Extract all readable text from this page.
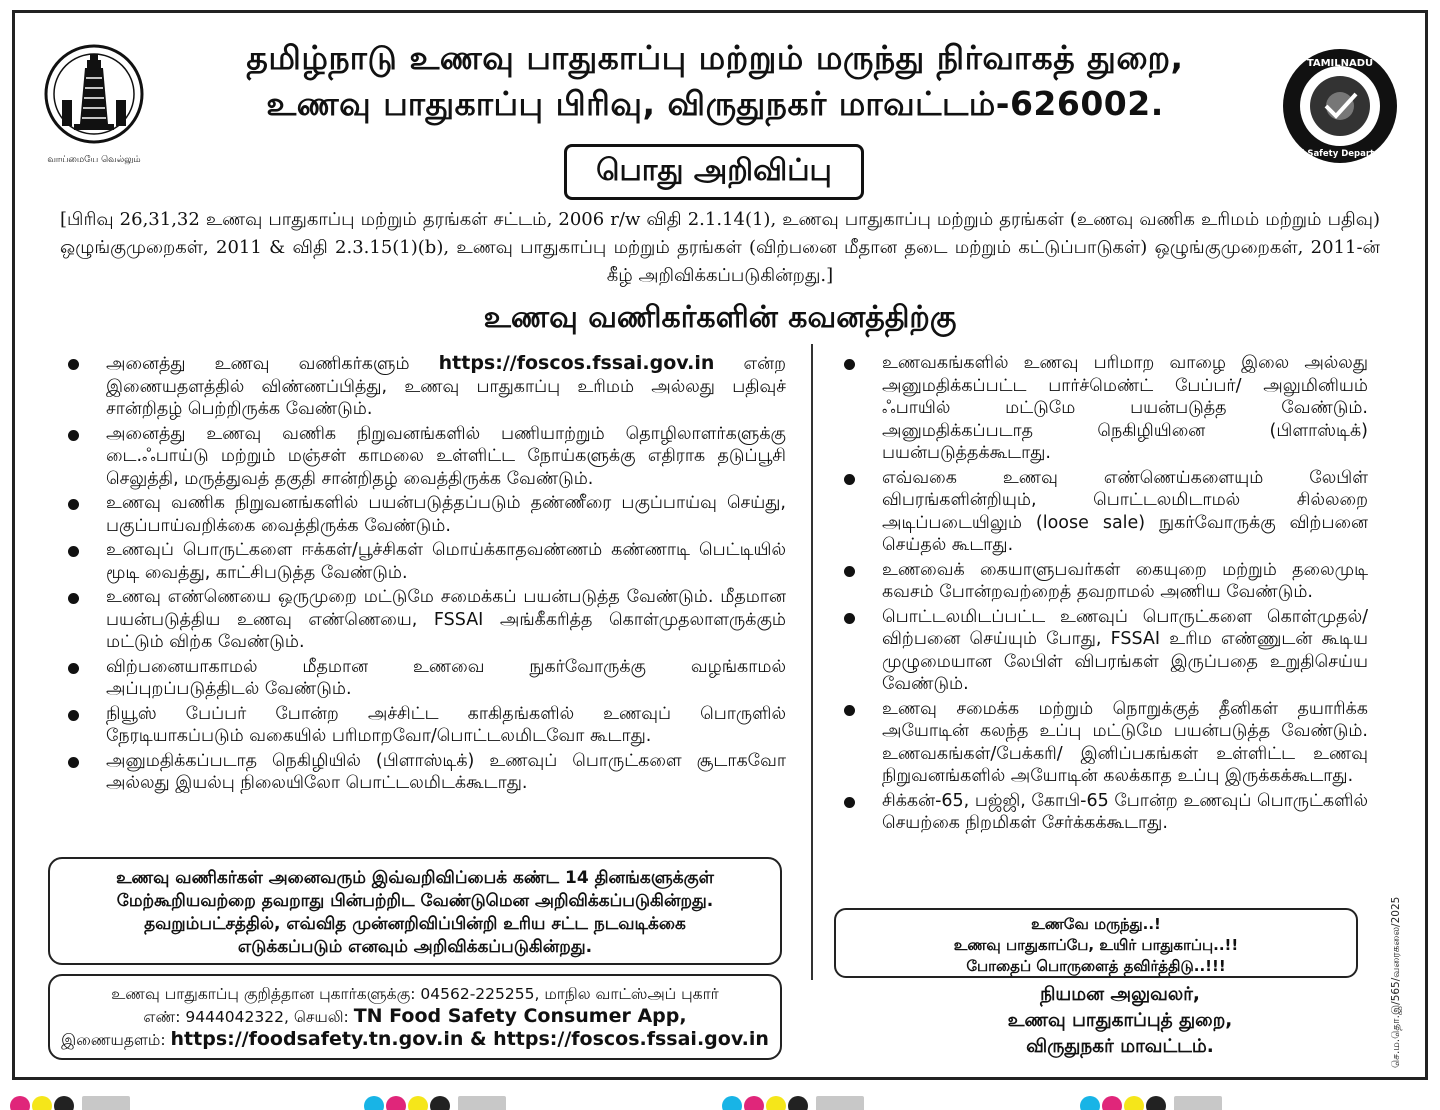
வாய்மையே வெல்லும்
TAMILNADU
Food Safety Department
தமிழ்நாடு உணவு பாதுகாப்பு மற்றும் மருந்து நிர்வாகத் துறை,
உணவு பாதுகாப்பு பிரிவு, விருதுநகர் மாவட்டம்-626002.
பொது அறிவிப்பு
[பிரிவு 26,31,32 உணவு பாதுகாப்பு மற்றும் தரங்கள் சட்டம், 2006 r/w விதி 2.1.14(1), உணவு பாதுகாப்பு மற்றும் தரங்கள் (உணவு வணிக உரிமம் மற்றும் பதிவு) ஒழுங்குமுறைகள், 2011 & விதி 2.3.15(1)(b), உணவு பாதுகாப்பு மற்றும் தரங்கள் (விற்பனை மீதான தடை மற்றும் கட்டுப்பாடுகள்) ஒழுங்குமுறைகள், 2011-ன் கீழ் அறிவிக்கப்படுகின்றது.]
உணவு வணிகர்களின் கவனத்திற்கு
அனைத்து உணவு வணிகர்களும் https://foscos.fssai.gov.in என்ற இணையதளத்தில் விண்ணப்பித்து, உணவு பாதுகாப்பு உரிமம் அல்லது பதிவுச் சான்றிதழ் பெற்றிருக்க வேண்டும்.
அனைத்து உணவு வணிக நிறுவனங்களில் பணியாற்றும் தொழிலாளர்களுக்கு டை.ஃபாய்டு மற்றும் மஞ்சள் காமலை உள்ளிட்ட நோய்களுக்கு எதிராக தடுப்பூசி செலுத்தி, மருத்துவத் தகுதி சான்றிதழ் வைத்திருக்க வேண்டும்.
உணவு வணிக நிறுவனங்களில் பயன்படுத்தப்படும் தண்ணீரை பகுப்பாய்வு செய்து, பகுப்பாய்வறிக்கை வைத்திருக்க வேண்டும்.
உணவுப் பொருட்களை ஈக்கள்/பூச்சிகள் மொய்க்காதவண்ணம் கண்ணாடி பெட்டியில் மூடி வைத்து, காட்சிபடுத்த வேண்டும்.
உணவு எண்ணெயை ஒருமுறை மட்டுமே சமைக்கப் பயன்படுத்த வேண்டும். மீதமான பயன்படுத்திய உணவு எண்ணெயை, FSSAI அங்கீகரித்த கொள்முதலாளருக்கும் மட்டும் விற்க வேண்டும்.
விற்பனையாகாமல் மீதமான உணவை நுகர்வோருக்கு வழங்காமல் அப்புறப்படுத்திடல் வேண்டும்.
நியூஸ் பேப்பர் போன்ற அச்சிட்ட காகிதங்களில் உணவுப் பொருளில் நேரடியாகப்படும் வகையில் பரிமாறவோ/பொட்டலமிடவோ கூடாது.
அனுமதிக்கப்படாத நெகிழியில் (பிளாஸ்டிக்) உணவுப் பொருட்களை சூடாகவோ அல்லது இயல்பு நிலையிலோ பொட்டலமிடக்கூடாது.
உணவகங்களில் உணவு பரிமாற வாழை இலை அல்லது அனுமதிக்கப்பட்ட பார்ச்மெண்ட் பேப்பர்/ அலுமினியம் ஃபாயில் மட்டுமே பயன்படுத்த வேண்டும். அனுமதிக்கப்படாத நெகிழியினை (பிளாஸ்டிக்) பயன்படுத்தக்கூடாது.
எவ்வகை உணவு எண்ணெய்களையும் லேபிள் விபரங்களின்றியும், பொட்டலமிடாமல் சில்லறை அடிப்படையிலும் (loose sale) நுகர்வோருக்கு விற்பனை செய்தல் கூடாது.
உணவைக் கையாளுபவர்கள் கையுறை மற்றும் தலைமுடி கவசம் போன்றவற்றைத் தவறாமல் அணிய வேண்டும்.
பொட்டலமிடப்பட்ட உணவுப் பொருட்களை கொள்முதல்/விற்பனை செய்யும் போது, FSSAI உரிம எண்ணுடன் கூடிய முழுமையான லேபிள் விபரங்கள் இருப்பதை உறுதிசெய்ய வேண்டும்.
உணவு சமைக்க மற்றும் நொறுக்குத் தீனிகள் தயாரிக்க அயோடின் கலந்த உப்பு மட்டுமே பயன்படுத்த வேண்டும். உணவகங்கள்/பேக்கரி/ இனிப்பகங்கள் உள்ளிட்ட உணவு நிறுவனங்களில் அயோடின் கலக்காத உப்பு இருக்கக்கூடாது.
சிக்கன்-65, பஜ்ஜி, கோபி-65 போன்ற உணவுப் பொருட்களில் செயற்கை நிறமிகள் சேர்க்கக்கூடாது.
உணவு வணிகர்கள் அனைவரும் இவ்வறிவிப்பைக் கண்ட 14 தினங்களுக்குள்
மேற்கூறியவற்றை தவறாது பின்பற்றிட வேண்டுமென அறிவிக்கப்படுகின்றது.
தவறும்பட்சத்தில், எவ்வித முன்னறிவிப்பின்றி உரிய சட்ட நடவடிக்கை
எடுக்கப்படும் எனவும் அறிவிக்கப்படுகின்றது.
உணவு பாதுகாப்பு குறித்தான புகார்களுக்கு: 04562-225255, மாநில வாட்ஸ்அப் புகார்
எண்: 9444042322, செயலி: TN Food Safety Consumer App,
இணையதளம்: https://foodsafety.tn.gov.in & https://foscos.fssai.gov.in
உணவே மருந்து..!
உணவு பாதுகாப்பே, உயிர் பாதுகாப்பு..!!
போதைப் பொருளைத் தவிர்த்திடு..!!!
நியமன அலுவலர்,
உணவு பாதுகாப்புத் துறை,
விருதுநகர் மாவட்டம்.	செ.ம.தொ.இ/565/வரைகலை/2025
